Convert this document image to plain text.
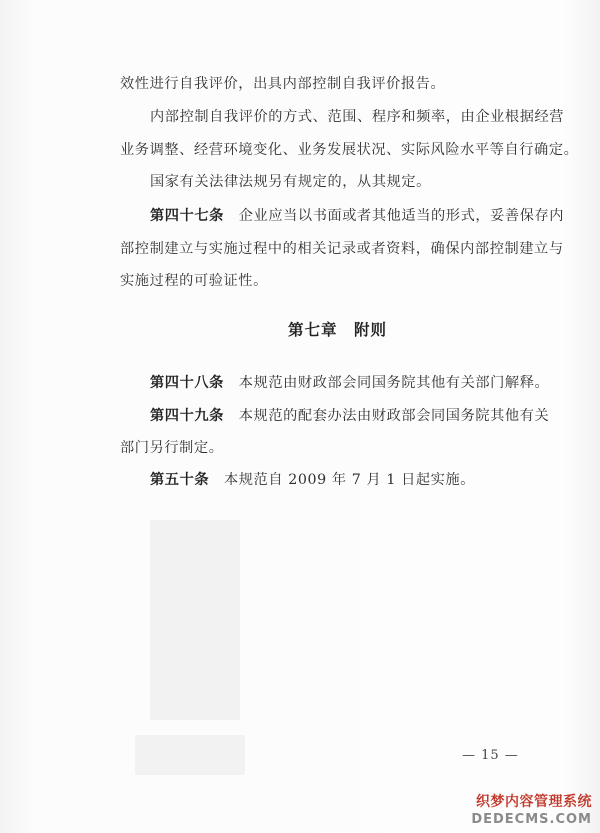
效性进行自我评价，出具内部控制自我评价报告。
内部控制自我评价的方式、范围、程序和频率，由企业根据经营
业务调整、经营环境变化、业务发展状况、实际风险水平等自行确定。
国家有关法律法规另有规定的，从其规定。
第四十七条　 企业应当以书面或者其他适当的形式，妥善保存内
部控制建立与实施过程中的相关记录或者资料，确保内部控制建立与
实施过程的可验证性。
第七章　附则
第四十八条　 本规范由财政部会同国务院其他有关部门解释。
第四十九条　 本规范的配套办法由财政部会同国务院其他有关
部门另行制定。
第五十条　 本规范自 2009 年 7 月 1 日起实施。
— 15 —
织梦内容管理系统
DEDECMS.COM
